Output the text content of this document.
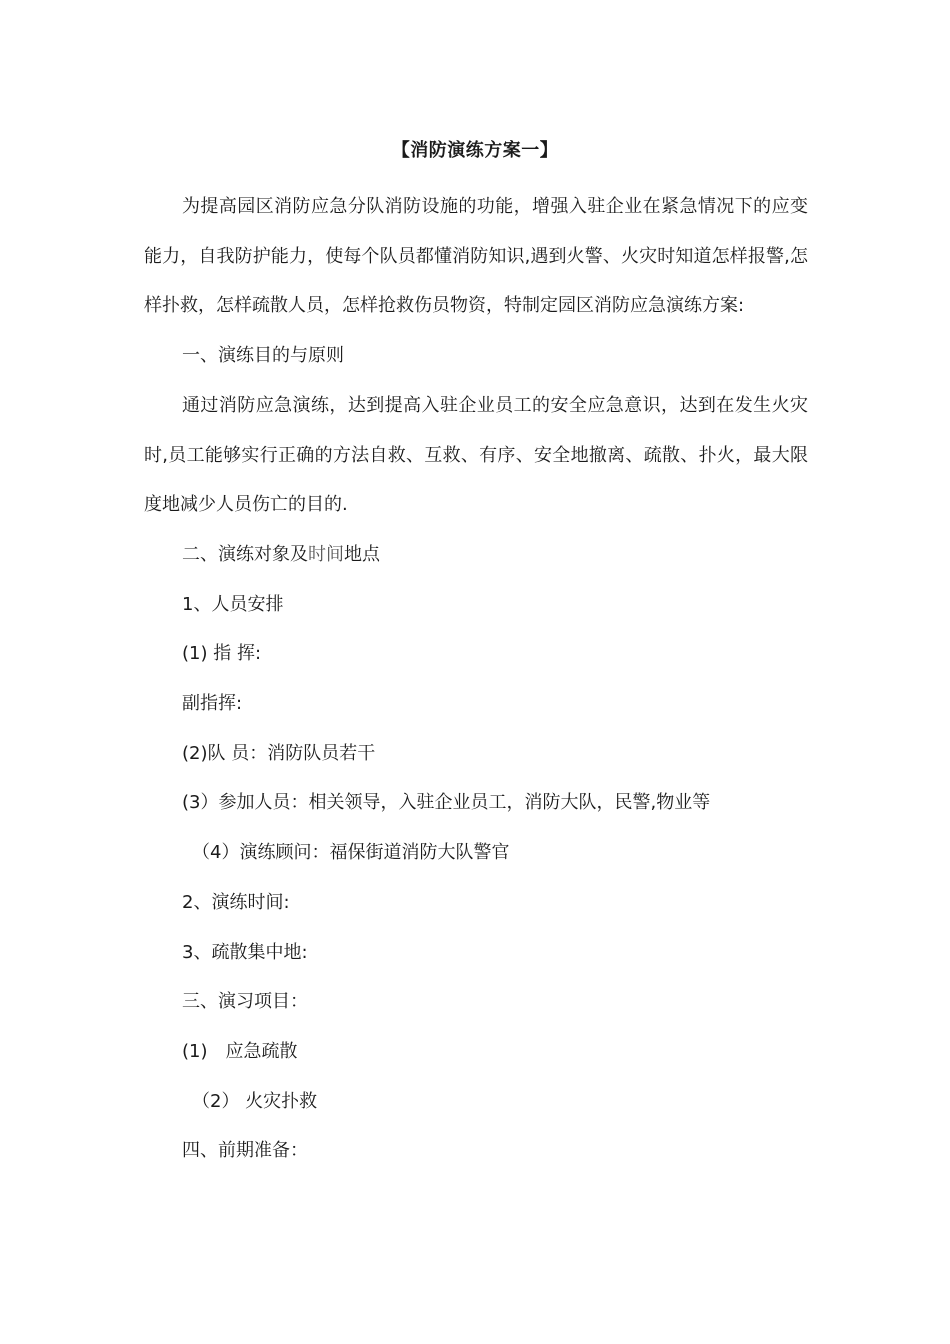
【消防演练方案一】

为提高园区消防应急分队消防设施的功能，增强入驻企业在紧急情况下的应变能力，自我防护能力，使每个队员都懂消防知识,遇到火警、火灾时知道怎样报警,怎样扑救，怎样疏散人员，怎样抢救伤员物资，特制定园区消防应急演练方案:

一、演练目的与原则

通过消防应急演练，达到提高入驻企业员工的安全应急意识，达到在发生火灾时,员工能够实行正确的方法自救、互救、有序、安全地撤离、疏散、扑火，最大限度地减少人员伤亡的目的.

二、演练对象及时间地点

1、人员安排

(1) 指 挥:

副指挥:

(2)队 员：消防队员若干

(3）参加人员：相关领导，入驻企业员工，消防大队，民警,物业等

（4）演练顾问：福保街道消防大队警官

2、演练时间:

3、疏散集中地:

三、演习项目：

(1)　应急疏散

（2） 火灾扑救

四、前期准备：
